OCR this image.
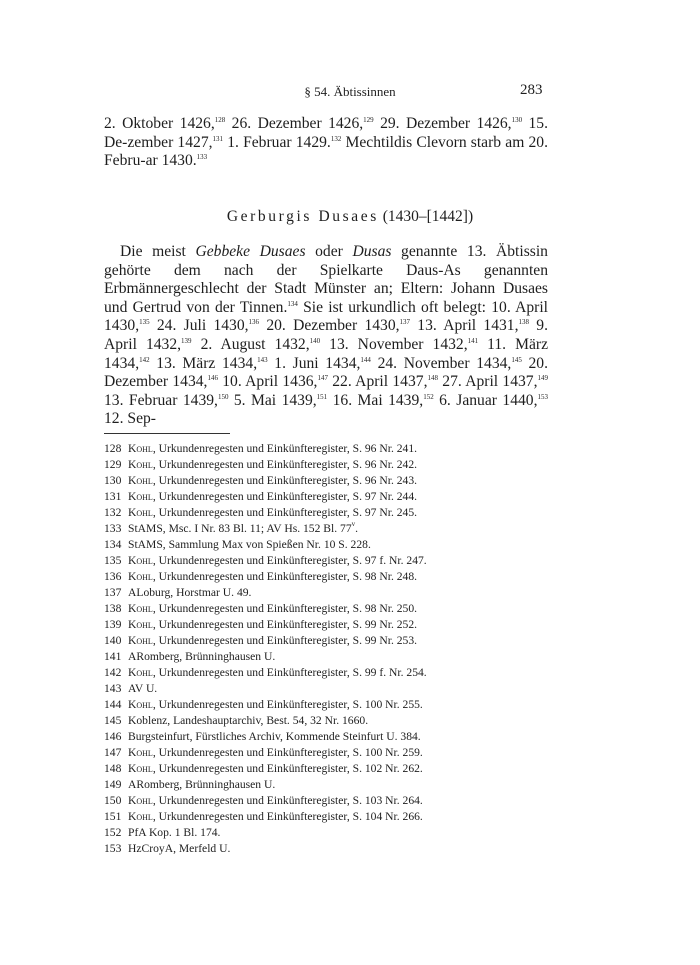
§ 54. Äbtissinnen	283

2. Oktober 1426,$^{128}$ 26. Dezember 1426,$^{129}$ 29. Dezember 1426,$^{130}$ 15. De-zember 1427,$^{131}$ 1. Februar 1429.$^{132}$ Mechtildis Clevorn starb am 20. Febru-ar 1430.$^{133}$

Gerburgis Dusaes (1430–[1442])

Die meist Gebbeke Dusaes oder Dusas genannte 13. Äbtissin gehörte dem nach der Spielkarte Daus-As genannten Erbmännergeschlecht der Stadt Münster an; Eltern: Johann Dusaes und Gertrud von der Tinnen.$^{134}$ Sie ist urkundlich oft belegt: 10. April 1430,$^{135}$ 24. Juli 1430,$^{136}$ 20. Dezember 1430,$^{137}$ 13. April 1431,$^{138}$ 9. April 1432,$^{139}$ 2. August 1432,$^{140}$ 13. November 1432,$^{141}$ 11. März 1434,$^{142}$ 13. März 1434,$^{143}$ 1. Juni 1434,$^{144}$ 24. November 1434,$^{145}$ 20. Dezember 1434,$^{146}$ 10. April 1436,$^{147}$ 22. April 1437,$^{148}$ 27. April 1437,$^{149}$ 13. Februar 1439,$^{150}$ 5. Mai 1439,$^{151}$ 16. Mai 1439,$^{152}$ 6. Januar 1440,$^{153}$ 12. Sep-

128 Kohl, Urkundenregesten und Einkünfteregister, S. 96 Nr. 241.
129 Kohl, Urkundenregesten und Einkünfteregister, S. 96 Nr. 242.
130 Kohl, Urkundenregesten und Einkünfteregister, S. 96 Nr. 243.
131 Kohl, Urkundenregesten und Einkünfteregister, S. 97 Nr. 244.
132 Kohl, Urkundenregesten und Einkünfteregister, S. 97 Nr. 245.
133 StAMS, Msc. I Nr. 83 Bl. 11; AV Hs. 152 Bl. 77$^v$.
134 StAMS, Sammlung Max von Spießen Nr. 10 S. 228.
135 Kohl, Urkundenregesten und Einkünfteregister, S. 97 f. Nr. 247.
136 Kohl, Urkundenregesten und Einkünfteregister, S. 98 Nr. 248.
137 ALoburg, Horstmar U. 49.
138 Kohl, Urkundenregesten und Einkünfteregister, S. 98 Nr. 250.
139 Kohl, Urkundenregesten und Einkünfteregister, S. 99 Nr. 252.
140 Kohl, Urkundenregesten und Einkünfteregister, S. 99 Nr. 253.
141 ARomberg, Brünninghausen U.
142 Kohl, Urkundenregesten und Einkünfteregister, S. 99 f. Nr. 254.
143 AV U.
144 Kohl, Urkundenregesten und Einkünfteregister, S. 100 Nr. 255.
145 Koblenz, Landeshauptarchiv, Best. 54, 32 Nr. 1660.
146 Burgsteinfurt, Fürstliches Archiv, Kommende Steinfurt U. 384.
147 Kohl, Urkundenregesten und Einkünfteregister, S. 100 Nr. 259.
148 Kohl, Urkundenregesten und Einkünfteregister, S. 102 Nr. 262.
149 ARomberg, Brünninghausen U.
150 Kohl, Urkundenregesten und Einkünfteregister, S. 103 Nr. 264.
151 Kohl, Urkundenregesten und Einkünfteregister, S. 104 Nr. 266.
152 PfA Kop. 1 Bl. 174.
153 HzCroyA, Merfeld U.
